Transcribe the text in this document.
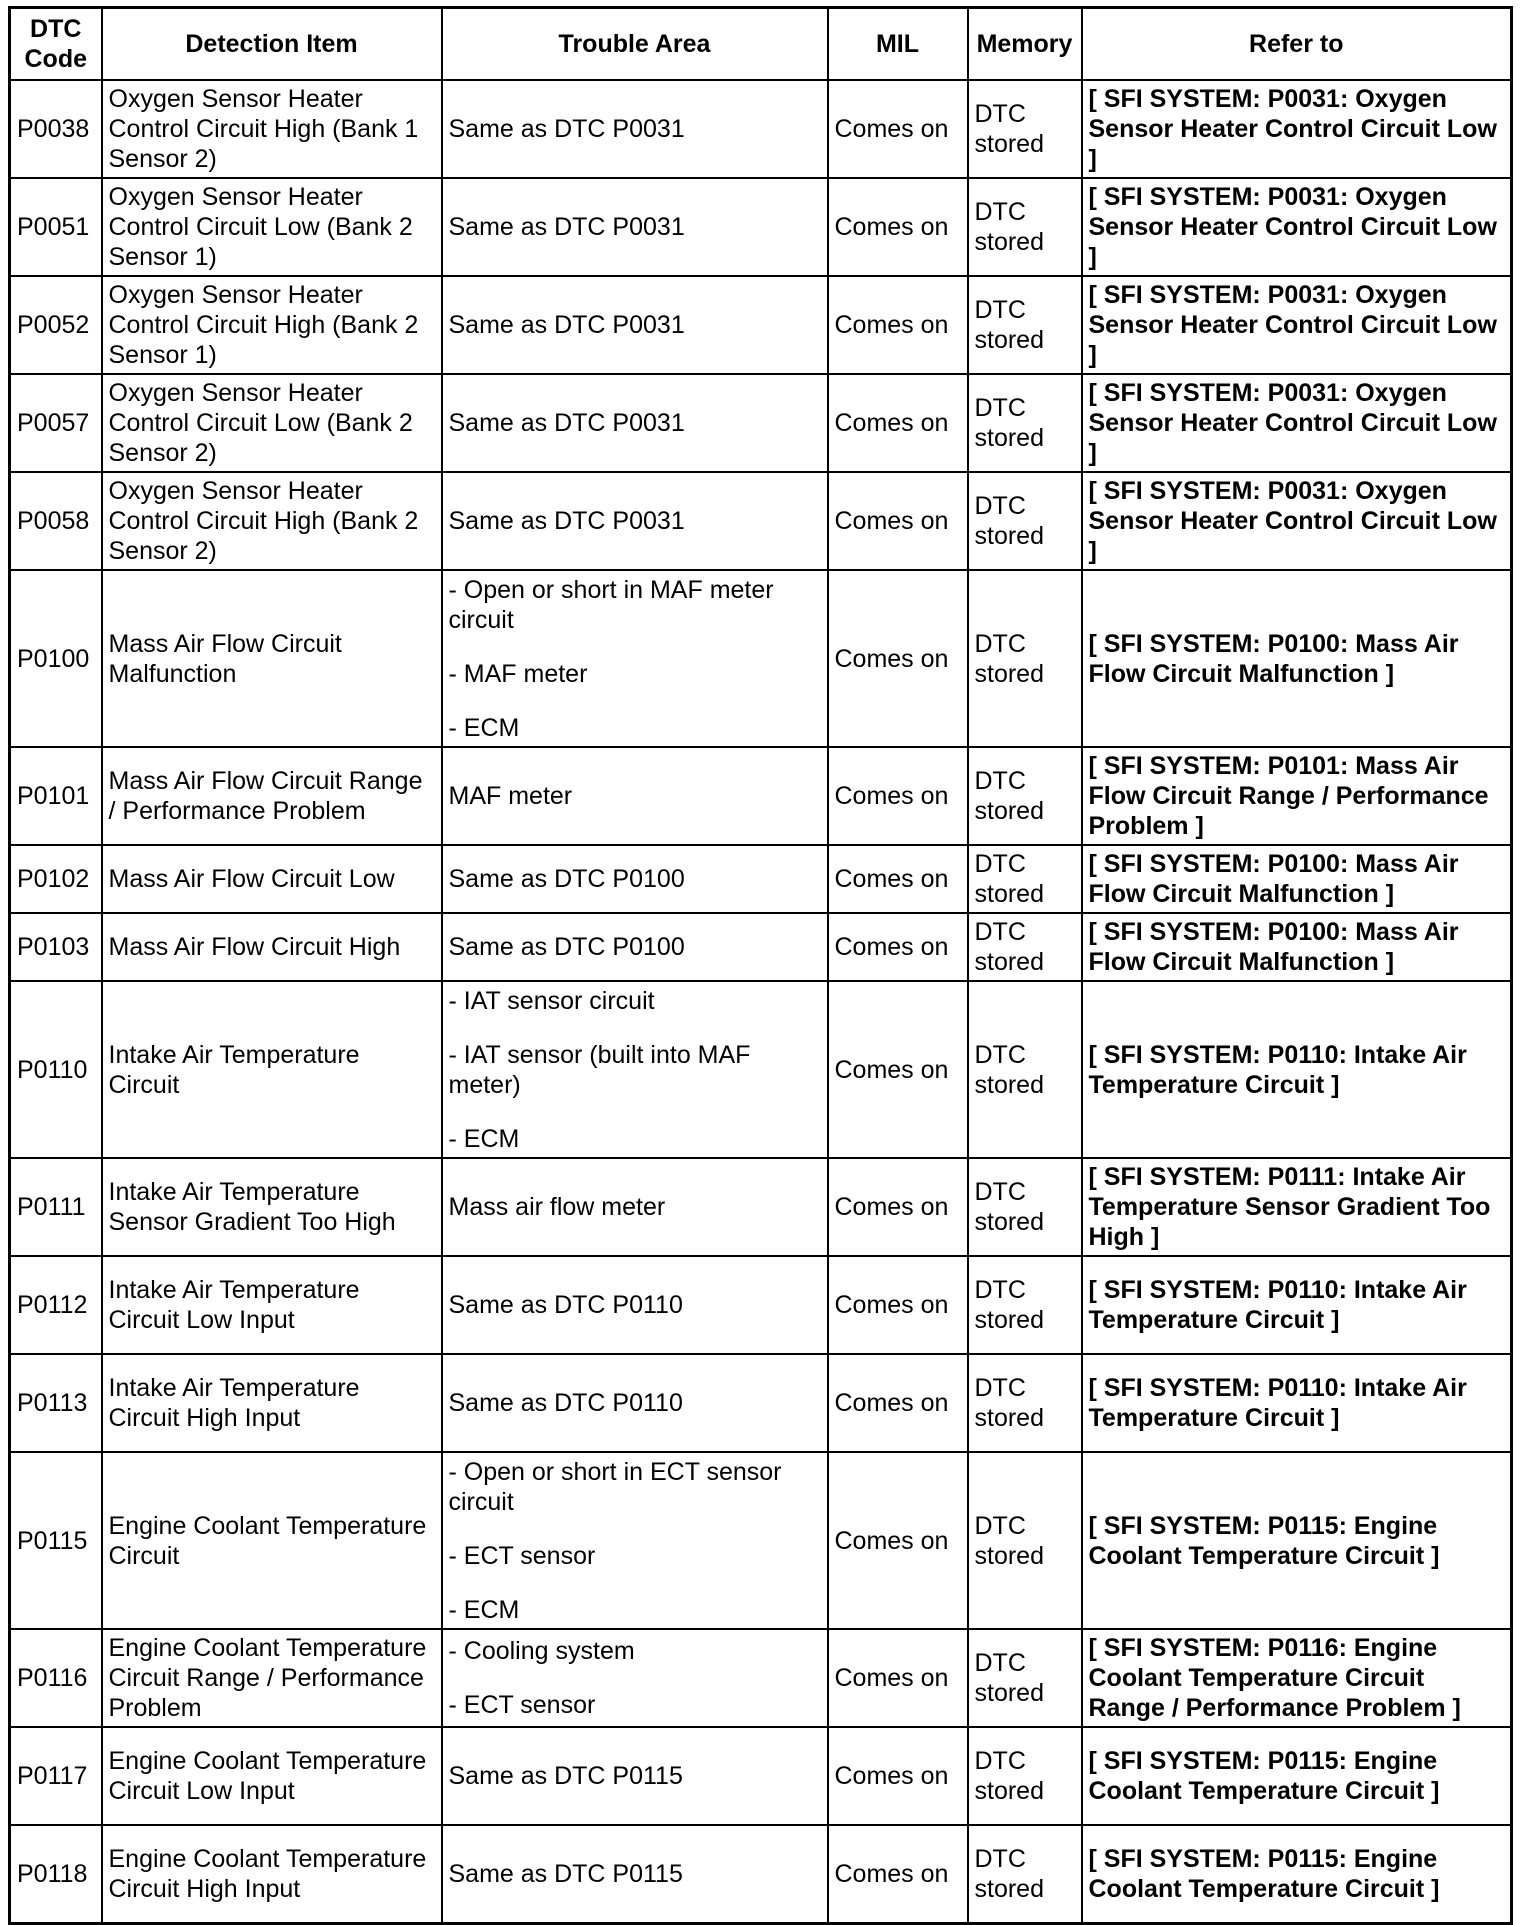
DTC Code	Detection Item	Trouble Area	MIL	Memory	Refer to
P0038	Oxygen Sensor Heater Control Circuit High (Bank 1 Sensor 2)	Same as DTC P0031	Comes on	DTC stored	[ SFI SYSTEM: P0031: Oxygen Sensor Heater Control Circuit Low ]
P0051	Oxygen Sensor Heater Control Circuit Low (Bank 2 Sensor 1)	Same as DTC P0031	Comes on	DTC stored	[ SFI SYSTEM: P0031: Oxygen Sensor Heater Control Circuit Low ]
P0052	Oxygen Sensor Heater Control Circuit High (Bank 2 Sensor 1)	Same as DTC P0031	Comes on	DTC stored	[ SFI SYSTEM: P0031: Oxygen Sensor Heater Control Circuit Low ]
P0057	Oxygen Sensor Heater Control Circuit Low (Bank 2 Sensor 2)	Same as DTC P0031	Comes on	DTC stored	[ SFI SYSTEM: P0031: Oxygen Sensor Heater Control Circuit Low ]
P0058	Oxygen Sensor Heater Control Circuit High (Bank 2 Sensor 2)	Same as DTC P0031	Comes on	DTC stored	[ SFI SYSTEM: P0031: Oxygen Sensor Heater Control Circuit Low ]
P0100	Mass Air Flow Circuit Malfunction	- Open or short in MAF meter circuit
- MAF meter
- ECM	Comes on	DTC stored	[ SFI SYSTEM: P0100: Mass Air Flow Circuit Malfunction ]
P0101	Mass Air Flow Circuit Range / Performance Problem	MAF meter	Comes on	DTC stored	[ SFI SYSTEM: P0101: Mass Air Flow Circuit Range / Performance Problem ]
P0102	Mass Air Flow Circuit Low	Same as DTC P0100	Comes on	DTC stored	[ SFI SYSTEM: P0100: Mass Air Flow Circuit Malfunction ]
P0103	Mass Air Flow Circuit High	Same as DTC P0100	Comes on	DTC stored	[ SFI SYSTEM: P0100: Mass Air Flow Circuit Malfunction ]
P0110	Intake Air Temperature Circuit	- IAT sensor circuit
- IAT sensor (built into MAF meter)
- ECM	Comes on	DTC stored	[ SFI SYSTEM: P0110: Intake Air Temperature Circuit ]
P0111	Intake Air Temperature Sensor Gradient Too High	Mass air flow meter	Comes on	DTC stored	[ SFI SYSTEM: P0111: Intake Air Temperature Sensor Gradient Too High ]
P0112	Intake Air Temperature Circuit Low Input	Same as DTC P0110	Comes on	DTC stored	[ SFI SYSTEM: P0110: Intake Air Temperature Circuit ]
P0113	Intake Air Temperature Circuit High Input	Same as DTC P0110	Comes on	DTC stored	[ SFI SYSTEM: P0110: Intake Air Temperature Circuit ]
P0115	Engine Coolant Temperature Circuit	- Open or short in ECT sensor circuit
- ECT sensor
- ECM	Comes on	DTC stored	[ SFI SYSTEM: P0115: Engine Coolant Temperature Circuit ]
P0116	Engine Coolant Temperature Circuit Range / Performance Problem	- Cooling system
- ECT sensor	Comes on	DTC stored	[ SFI SYSTEM: P0116: Engine Coolant Temperature Circuit Range / Performance Problem ]
P0117	Engine Coolant Temperature Circuit Low Input	Same as DTC P0115	Comes on	DTC stored	[ SFI SYSTEM: P0115: Engine Coolant Temperature Circuit ]
P0118	Engine Coolant Temperature Circuit High Input	Same as DTC P0115	Comes on	DTC stored	[ SFI SYSTEM: P0115: Engine Coolant Temperature Circuit ]
